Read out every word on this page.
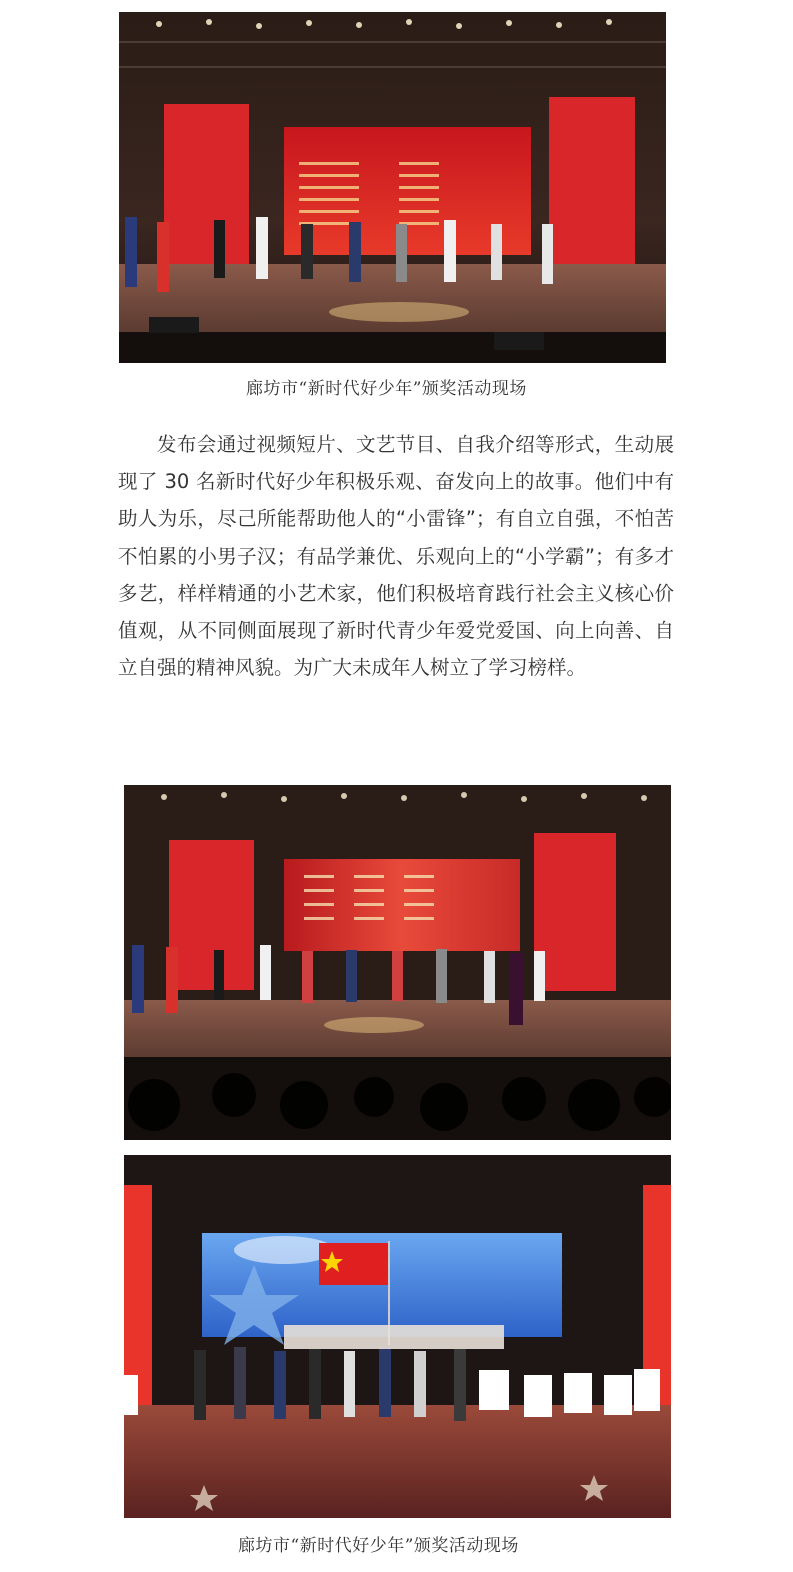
廊坊市“新时代好少年”颁奖活动现场

发布会通过视频短片、文艺节目、自我介绍等形式，生动展现了 30 名新时代好少年积极乐观、奋发向上的故事。他们中有助人为乐，尽己所能帮助他人的“小雷锋”；有自立自强，不怕苦不怕累的小男子汉；有品学兼优、乐观向上的“小学霸”；有多才多艺，样样精通的小艺术家，他们积极培育践行社会主义核心价值观，从不同侧面展现了新时代青少年爱党爱国、向上向善、自立自强的精神风貌。为广大未成年人树立了学习榜样。

廊坊市“新时代好少年”颁奖活动现场
